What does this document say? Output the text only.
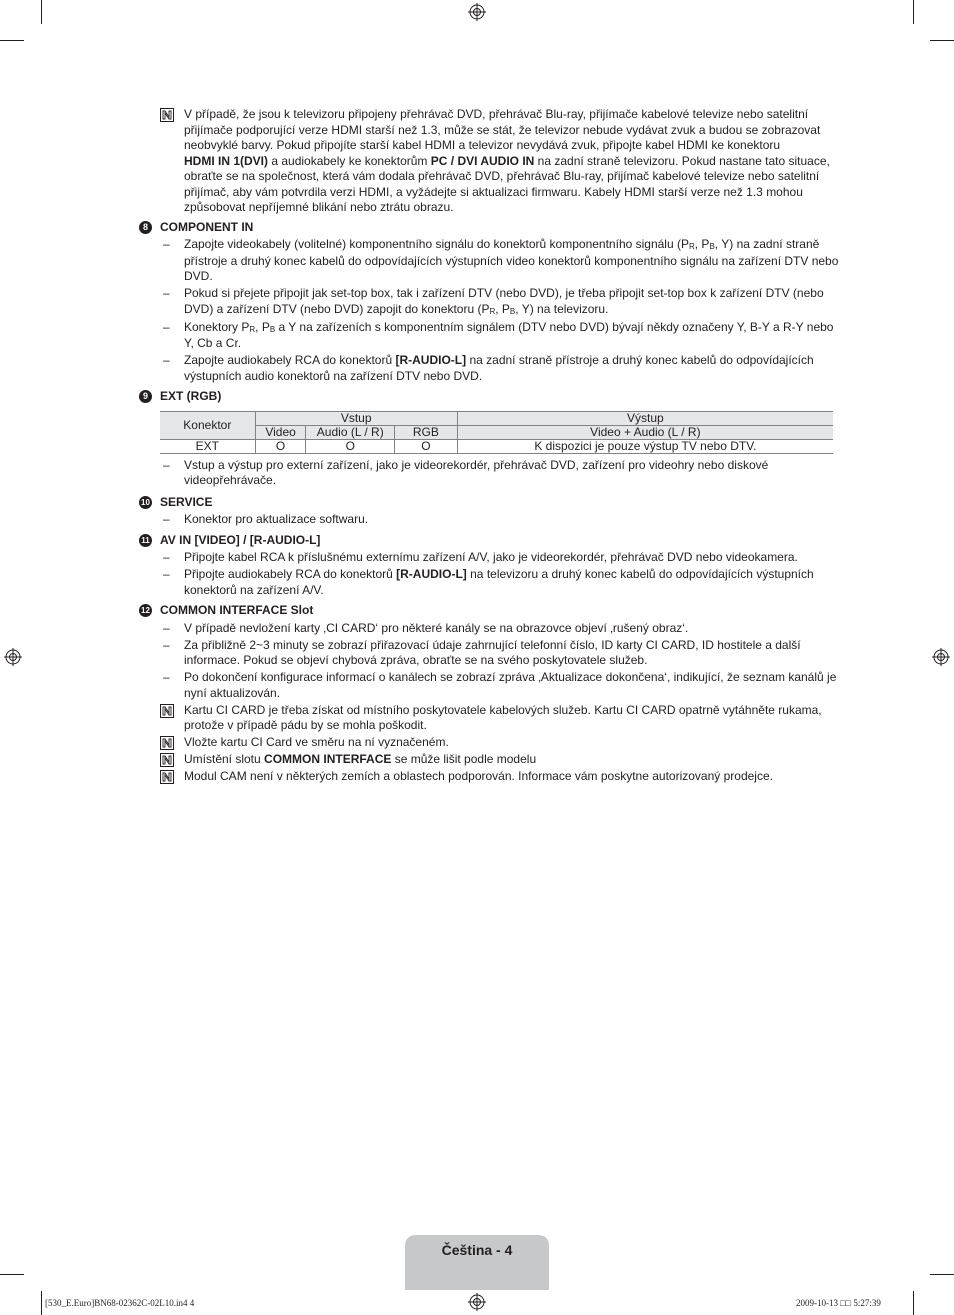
V případě, že jsou k televizoru připojeny přehrávač DVD, přehrávač Blu-ray, přijímače kabelové televize nebo satelitní přijímače podporující verze HDMI starší než 1.3, může se stát, že televizor nebude vydávat zvuk a budou se zobrazovat neobvyklé barvy. Pokud připojíte starší kabel HDMI a televizor nevydává zvuk, připojte kabel HDMI ke konektoru
HDMI IN 1(DVI) a audiokabely ke konektorům PC / DVI AUDIO IN na zadní straně televizoru. Pokud nastane tato situace, obraťte se na společnost, která vám dodala přehrávač DVD, přehrávač Blu-ray, přijímač kabelové televize nebo satelitní přijímač, aby vám potvrdila verzi HDMI, a vyžádejte si aktualizaci firmwaru. Kabely HDMI starší verze než 1.3 mohou způsobovat nepříjemné blikání nebo ztrátu obrazu.
8	COMPONENT IN
– Zapojte videokabely (volitelné) komponentního signálu do konektorů komponentního signálu ($P_R$, $P_B$, Y) na zadní straně přístroje a druhý konec kabelů do odpovídajících výstupních video konektorů komponentního signálu na zařízení DTV nebo DVD.
– Pokud si přejete připojit jak set-top box, tak i zařízení DTV (nebo DVD), je třeba připojit set-top box k zařízení DTV (nebo DVD) a zařízení DTV (nebo DVD) zapojit do konektoru ($P_R$, $P_B$, Y) na televizoru.
– Konektory $P_R$, $P_B$ a Y na zařízeních s komponentním signálem (DTV nebo DVD) bývají někdy označeny Y, B-Y a R-Y nebo Y, Cb a Cr.
– Zapojte audiokabely RCA do konektorů [R-AUDIO-L] na zadní straně přístroje a druhý konec kabelů do odpovídajících výstupních audio konektorů na zařízení DTV nebo DVD.
9	EXT (RGB)
Konektor	Vstup			Výstup
	Video	Audio (L / R)	RGB	Video + Audio (L / R)
EXT	O	O	O	K dispozici je pouze výstup TV nebo DTV.
– Vstup a výstup pro externí zařízení, jako je videorekordér, přehrávač DVD, zařízení pro videohry nebo diskové videopřehrávače.
10 SERVICE
– Konektor pro aktualizace softwaru.
11 AV IN [VIDEO] / [R-AUDIO-L]
– Připojte kabel RCA k příslušnému externímu zařízení A/V, jako je videorekordér, přehrávač DVD nebo videokamera.
– Připojte audiokabely RCA do konektorů [R-AUDIO-L] na televizoru a druhý konec kabelů do odpovídajících výstupních konektorů na zařízení A/V.
12 COMMON INTERFACE Slot
– V případě nevložení karty ‚CI CARD‘ pro některé kanály se na obrazovce objeví ‚rušený obraz‘.
– Za přibližně 2~3 minuty se zobrazí přiřazovací údaje zahrnující telefonní číslo, ID karty CI CARD, ID hostitele a další informace. Pokud se objeví chybová zpráva, obraťte se na svého poskytovatele služeb.
– Po dokončení konfigurace informací o kanálech se zobrazí zpráva ‚Aktualizace dokončena‘, indikující, že seznam kanálů je nyní aktualizován.
Kartu CI CARD je třeba získat od místního poskytovatele kabelových služeb. Kartu CI CARD opatrně vytáhněte rukama, protože v případě pádu by se mohla poškodit.
Vložte kartu CI Card ve směru na ní vyznačeném.
Umístění slotu COMMON INTERFACE se může lišit podle modelu
Modul CAM není v některých zemích a oblastech podporován. Informace vám poskytne autorizovaný prodejce.
Čeština - 4
[530_E.Euro]BN68-02362C-02L10.in4 4	2009-10-13 □□ 5:27:39
